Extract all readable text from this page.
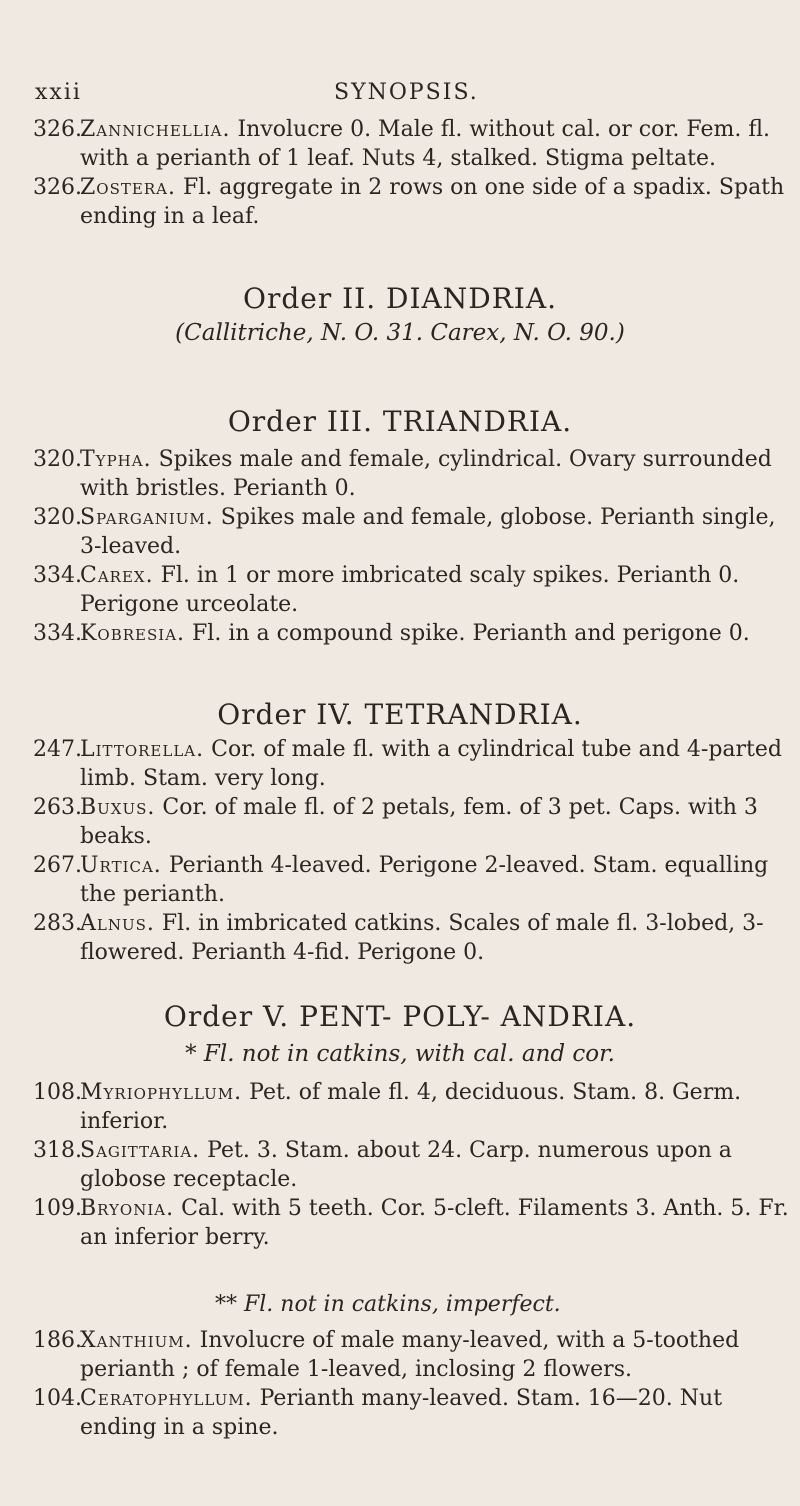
xxii	SYNOPSIS.
326.
Zannichellia. Involucre 0. Male fl. without cal. or cor. Fem. fl. with a perianth of 1 leaf. Nuts 4, stalked. Stigma peltate.
326.
Zostera. Fl. aggregate in 2 rows on one side of a spadix. Spath ending in a leaf.
Order II. DIANDRIA.
(Callitriche, N. O. 31. Carex, N. O. 90.)
Order III. TRIANDRIA.
320.
Typha. Spikes male and female, cylindrical. Ovary surrounded with bristles. Perianth 0.
320.
Sparganium. Spikes male and female, globose. Perianth single, 3-leaved.
334.
Carex. Fl. in 1 or more imbricated scaly spikes. Perianth 0. Perigone urceolate.
334.
Kobresia. Fl. in a compound spike. Perianth and perigone 0.
Order IV. TETRANDRIA.
247.
Littorella. Cor. of male fl. with a cylindrical tube and 4-parted limb. Stam. very long.
263.
Buxus. Cor. of male fl. of 2 petals, fem. of 3 pet. Caps. with 3 beaks.
267.
Urtica. Perianth 4-leaved. Perigone 2-leaved. Stam. equalling the perianth.
283.
Alnus. Fl. in imbricated catkins. Scales of male fl. 3-lobed, 3-flowered. Perianth 4-fid. Perigone 0.
Order V. PENT- POLY- ANDRIA.
* Fl. not in catkins, with cal. and cor.
108.
Myriophyllum. Pet. of male fl. 4, deciduous. Stam. 8. Germ. inferior.
318.
Sagittaria. Pet. 3. Stam. about 24. Carp. numerous upon a globose receptacle.
109.
Bryonia. Cal. with 5 teeth. Cor. 5-cleft. Filaments 3. Anth. 5. Fr. an inferior berry.
** Fl. not in catkins, imperfect.
186.
Xanthium. Involucre of male many-leaved, with a 5-toothed perianth ; of female 1-leaved, inclosing 2 flowers.
104.
Ceratophyllum. Perianth many-leaved. Stam. 16—20. Nut ending in a spine.
